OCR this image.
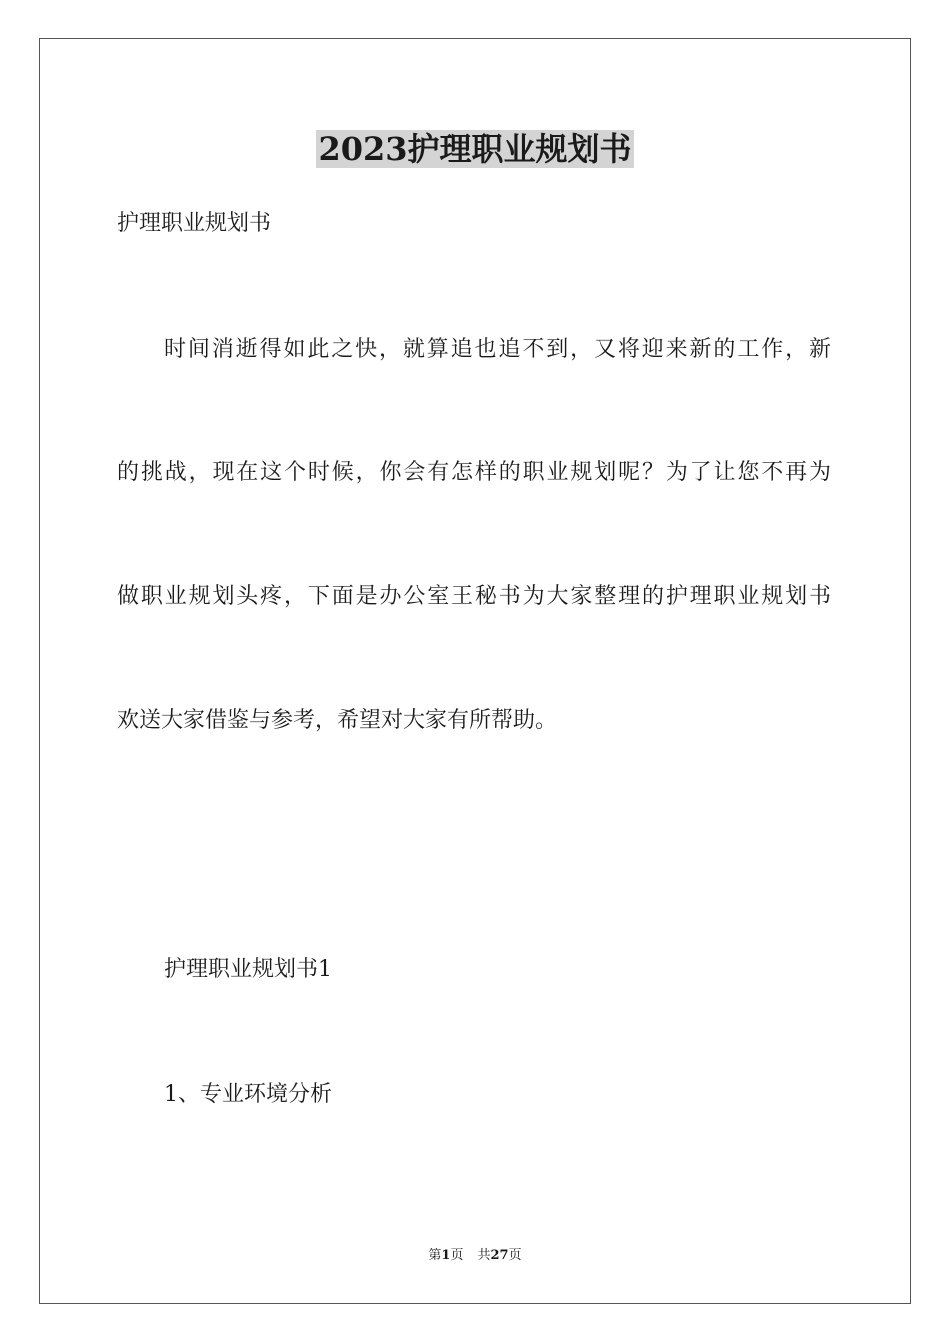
2023护理职业规划书

护理职业规划书

时间消逝得如此之快，就算追也追不到，又将迎来新的工作，新

的挑战，现在这个时候，你会有怎样的职业规划呢？为了让您不再为

做职业规划头疼，下面是办公室王秘书为大家整理的护理职业规划书

欢送大家借鉴与参考，希望对大家有所帮助。

护理职业规划书1

1、专业环境分析

第1页 共27页
